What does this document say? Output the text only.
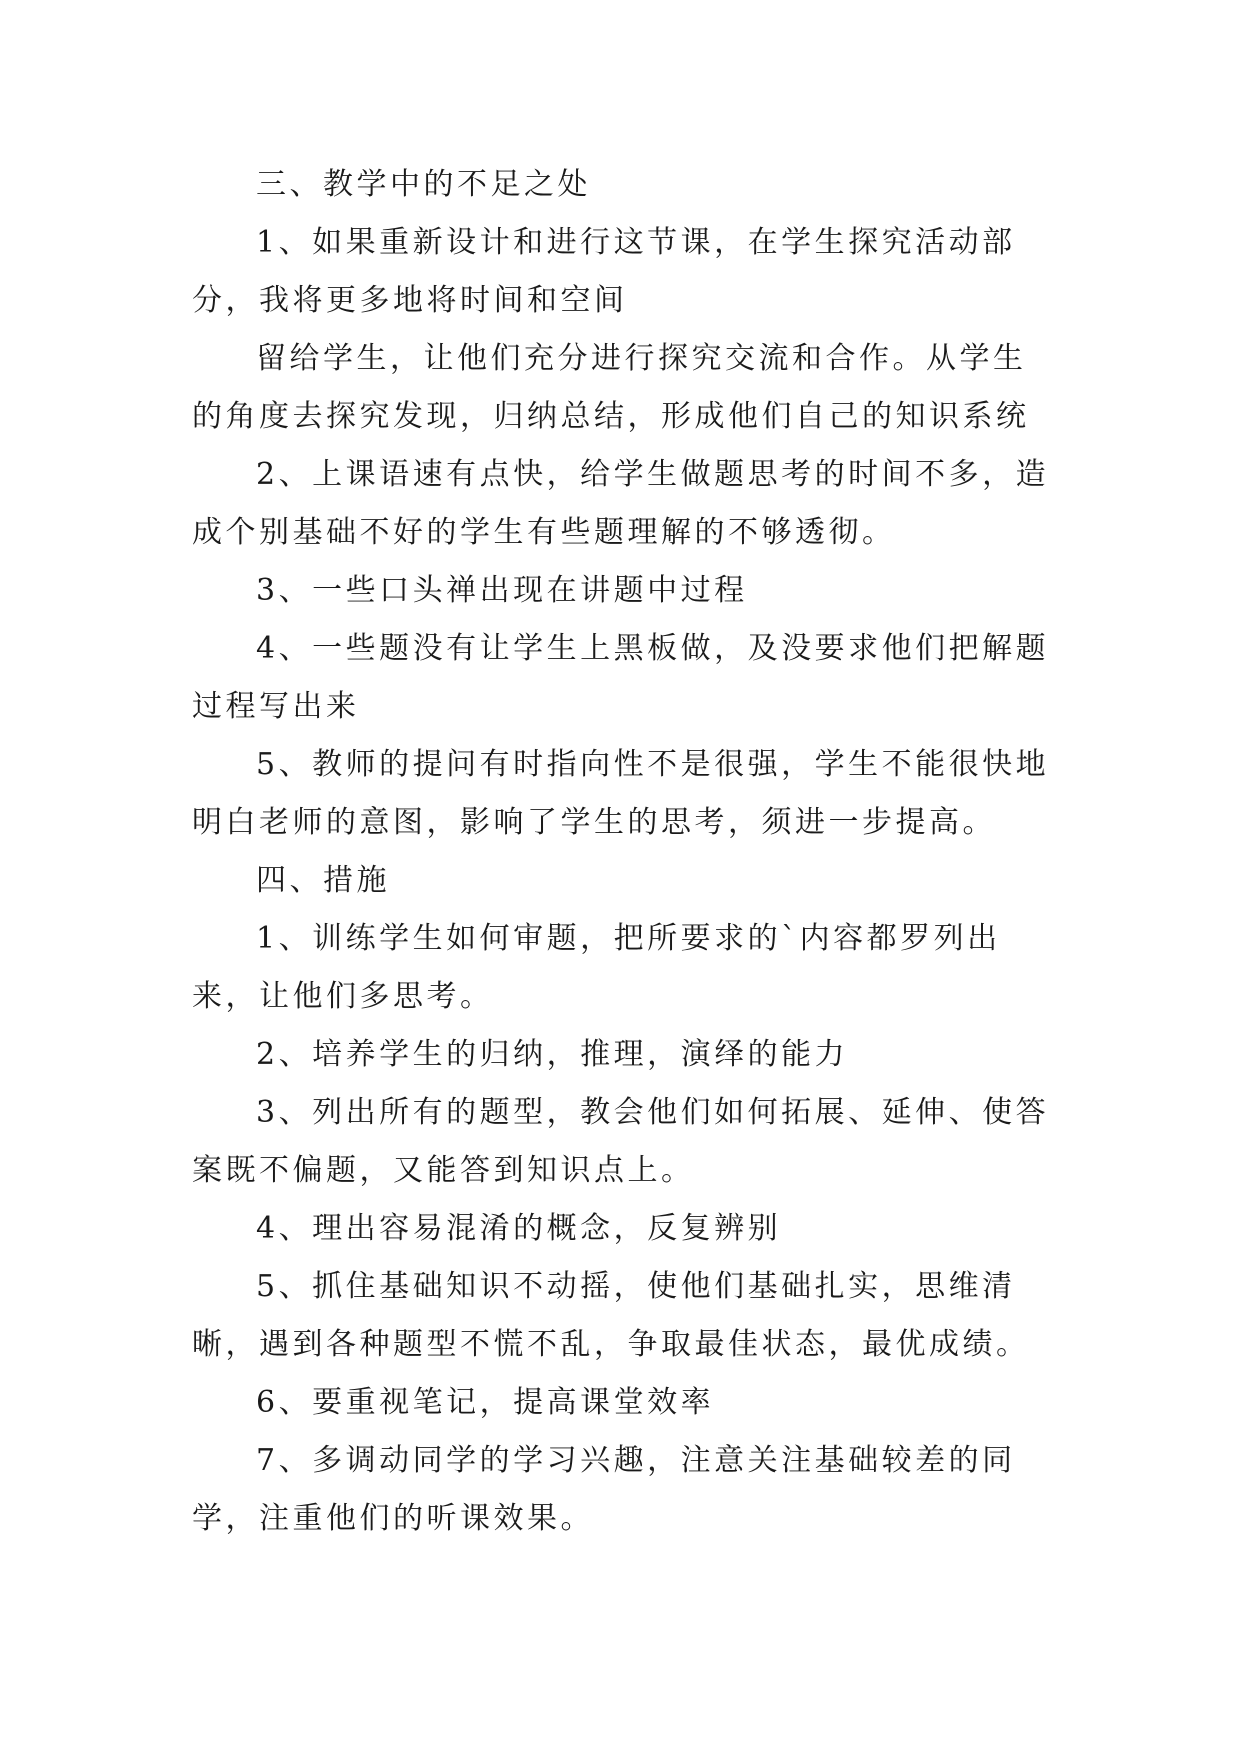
三、教学中的不足之处

1、如果重新设计和进行这节课，在学生探究活动部分，我将更多地将时间和空间

留给学生，让他们充分进行探究交流和合作。从学生的角度去探究发现，归纳总结，形成他们自己的知识系统

2、上课语速有点快，给学生做题思考的时间不多，造成个别基础不好的学生有些题理解的不够透彻。

3、一些口头禅出现在讲题中过程

4、一些题没有让学生上黑板做，及没要求他们把解题过程写出来

5、教师的提问有时指向性不是很强，学生不能很快地明白老师的意图，影响了学生的思考，须进一步提高。

四、措施

1、训练学生如何审题，把所要求的`内容都罗列出来，让他们多思考。

2、培养学生的归纳，推理，演绎的能力

3、列出所有的题型，教会他们如何拓展、延伸、使答案既不偏题，又能答到知识点上。

4、理出容易混淆的概念，反复辨别

5、抓住基础知识不动摇，使他们基础扎实，思维清晰，遇到各种题型不慌不乱，争取最佳状态，最优成绩。

6、要重视笔记，提高课堂效率

7、多调动同学的学习兴趣，注意关注基础较差的同学，注重他们的听课效果。
